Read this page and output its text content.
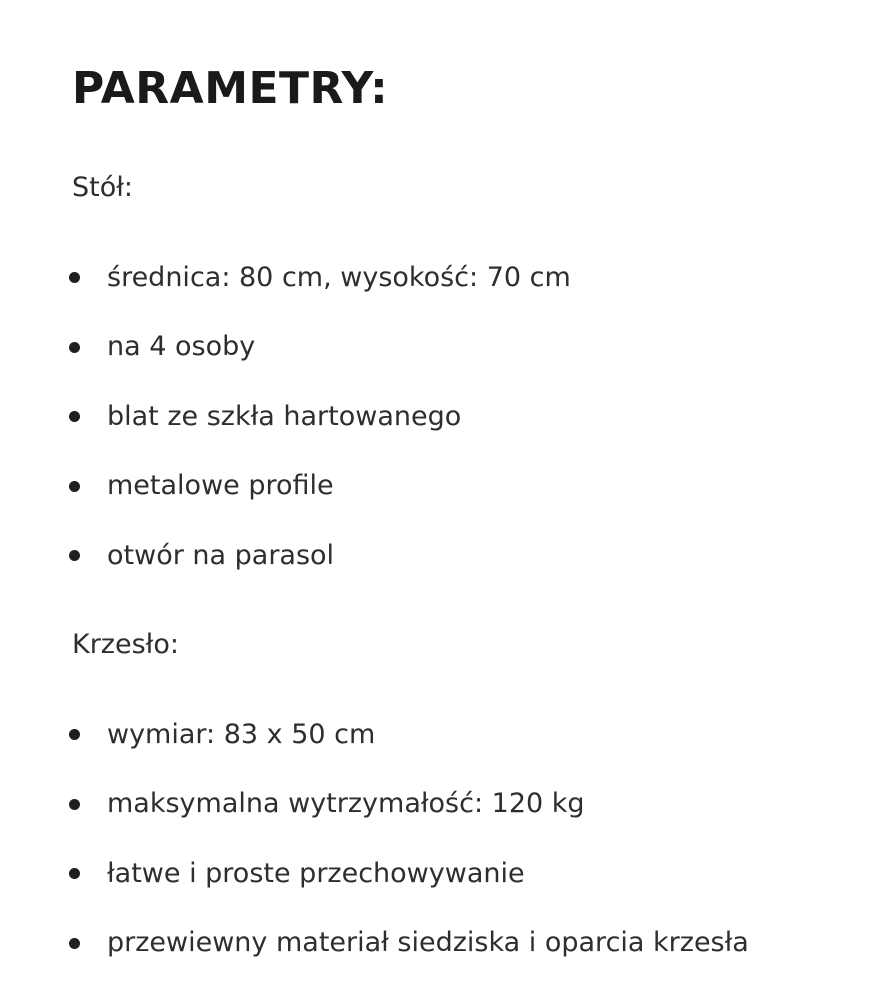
PARAMETRY:

Stół:

średnica: 80 cm, wysokość: 70 cm
na 4 osoby
blat ze szkła hartowanego
metalowe profile
otwór na parasol

Krzesło:

wymiar: 83 x 50 cm
maksymalna wytrzymałość: 120 kg
łatwe i proste przechowywanie
przewiewny materiał siedziska i oparcia krzesła
